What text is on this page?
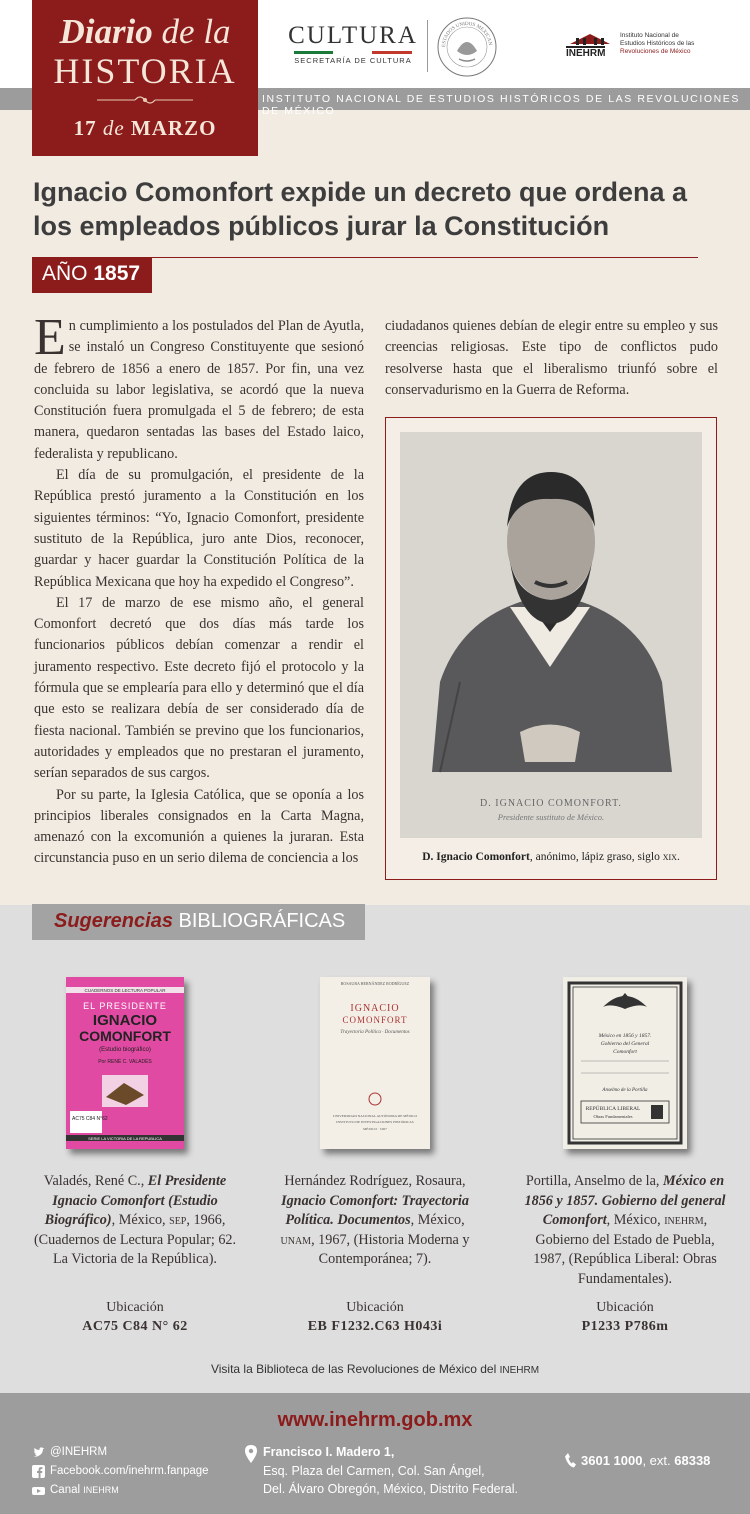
INSTITUTO NACIONAL DE ESTUDIOS HISTÓRICOS DE LAS REVOLUCIONES DE MÉXICO
Diario de la
HISTORIA
17 de MARZO
CULTURA
SECRETARÍA DE CULTURA
ESTADOS UNIDOS MEXICAN
INEHRM
Instituto Nacional de
Estudios Históricos de las
Revoluciones de México
Ignacio Comonfort expide un decreto que ordena a los empleados públicos jurar la Constitución
AÑO 1857

En cumplimiento a los postulados del Plan de Ayutla, se instaló un Congreso Constituyente que sesionó de febrero de 1856 a enero de 1857. Por fin, una vez concluida su labor legislativa, se acordó que la nueva Constitución fuera promulgada el 5 de febrero; de esta manera, quedaron sentadas las bases del Estado laico, federalista y republicano.

El día de su promulgación, el presidente de la República prestó juramento a la Constitución en los siguientes términos: “Yo, Ignacio Comonfort, presidente sustituto de la República, juro ante Dios, reconocer, guardar y hacer guardar la Constitución Política de la República Mexicana que hoy ha expedido el Congreso”.

El 17 de marzo de ese mismo año, el general Comonfort decretó que dos días más tarde los funcionarios públicos debían comenzar a rendir el juramento respectivo. Este decreto fijó el protocolo y la fórmula que se emplearía para ello y determinó que el día que esto se realizara debía de ser considerado día de fiesta nacional. También se previno que los funcionarios, autoridades y empleados que no prestaran el juramento, serían separados de sus cargos.

Por su parte, la Iglesia Católica, que se oponía a los principios liberales consignados en la Carta Magna, amenazó con la excomunión a quienes la juraran. Esta circunstancia puso en un serio dilema de conciencia a los

ciudadanos quienes debían de elegir entre su empleo y sus creencias religiosas. Este tipo de conflictos pudo resolverse hasta que el liberalismo triunfó sobre el conservadurismo en la Guerra de Reforma.

D. IGNACIO COMONFORT.
Presidente sustituto de México.
D. Ignacio Comonfort, anónimo, lápiz graso, siglo xix.
Sugerencias BIBLIOGRÁFICAS
CUADERNOS DE LECTURA POPULAR
EL PRESIDENTE
IGNACIO
COMONFORT
(Estudio biográfico)
Por RENÉ C. VALADÉS
AC75 C84 N°62
SERIE LA VICTORIA DE LA REPUBLICA
ROSAURA HERNÁNDEZ RODRÍGUEZ
IGNACIO
COMONFORT
Trayectoria Política · Documentos
UNIVERSIDAD NACIONAL AUTÓNOMA DE MÉXICO
INSTITUTO DE INVESTIGACIONES HISTÓRICAS
MÉXICO · 1967
México en 1856 y 1857.
Gobierno del General
Comonfort
Anselmo de la Portilla
REPÚBLICA LIBERAL
Obras Fundamentales
Valadés, René C., El Presidente Ignacio Comonfort (Estudio Biográfico), México, sep, 1966, (Cuadernos de Lectura Popular; 62. La Victoria de la República).
Hernández Rodríguez, Rosaura, Ignacio Comonfort: Trayectoria Política. Documentos, México, unam, 1967, (Historia Moderna y Contemporánea; 7).
Portilla, Anselmo de la, México en 1856 y 1857. Gobierno del general Comonfort, México, inehrm, Gobierno del Estado de Puebla, 1987, (República Liberal: Obras Fundamentales).
Ubicación
AC75 C84 N° 62
Ubicación
EB F1232.C63 H043i
Ubicación
P1233 P786m
Visita la Biblioteca de las Revoluciones de México del INEHRM
www.inehrm.gob.mx
@INEHRM
Facebook.com/inehrm.fanpage
Canal INEHRM
Francisco I. Madero 1,
Esq. Plaza del Carmen, Col. San Ángel,
Del. Álvaro Obregón, México, Distrito Federal.
3601 1000, ext. 68338
